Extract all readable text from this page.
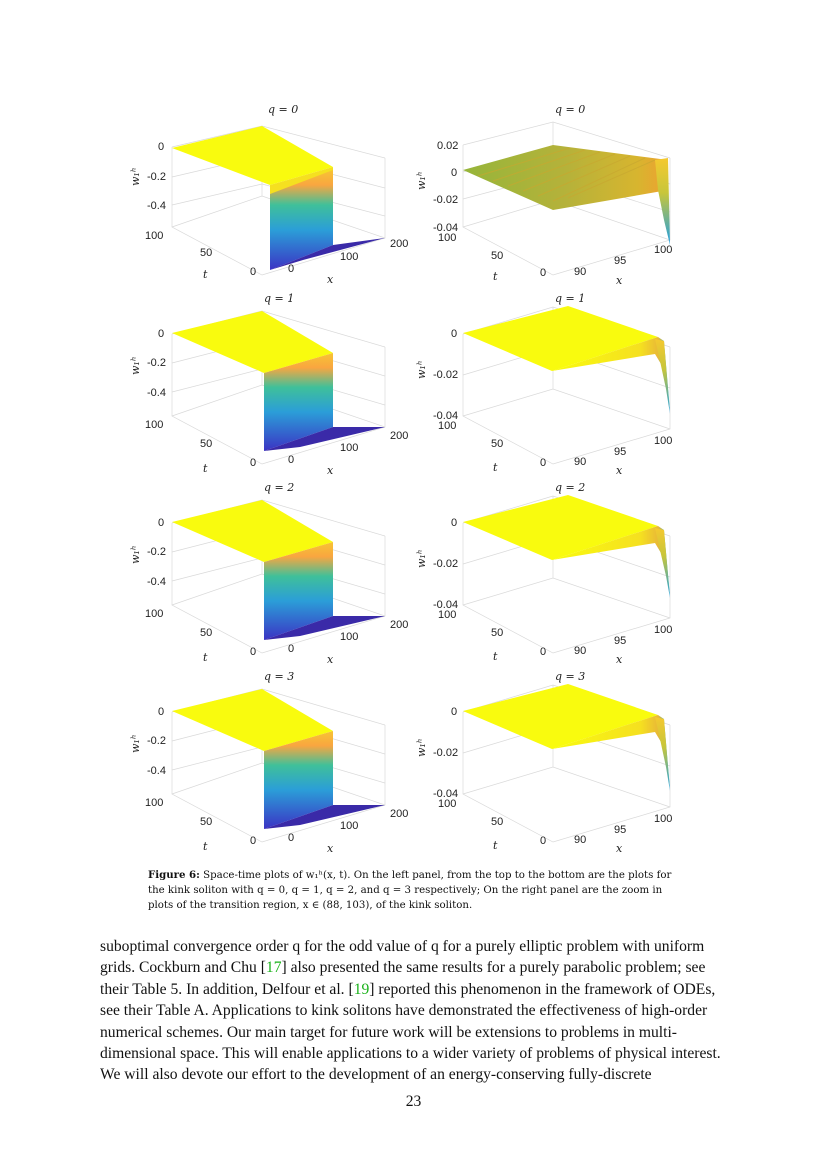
q = 0
0
-0.2
-0.4
w₁ʰ
100
50
0
t	0
100
200
x
q = 0
0.02
0
-0.02
-0.04
w₁ʰ
100
50
0
t	90
95
100
x
q = 1
0
-0.2
-0.4
w₁ʰ
100
50
0
t
0
100
200
x
q = 1
0
-0.02
-0.04
w₁ʰ
100
50
0
t	90
95
100
x
q = 2
0
-0.2
-0.4
w₁ʰ
100
50
0
t
0
100
200
x
q = 2
0
-0.02
-0.04
w₁ʰ
100
50
0
t	90
95
100
x
q = 3
0
-0.2
-0.4
w₁ʰ
100
50
0
t
0
100
200
x
q = 3
0
-0.02
-0.04
w₁ʰ
100
50
0
t	90
95
100
x

Figure 6: Space-time plots of w₁ʰ(x, t). On the left panel, from the top to the bottom are the plots for the kink soliton with q = 0, q = 1, q = 2, and q = 3 respectively; On the right panel are the zoom in plots of the transition region, x ∈ (88, 103), of the kink soliton.

suboptimal convergence order q for the odd value of q for a purely elliptic problem with uniform grids. Cockburn and Chu [17] also presented the same results for a purely parabolic problem; see their Table 5. In addition, Delfour et al. [19] reported this phenomenon in the framework of ODEs, see their Table A. Applications to kink solitons have demonstrated the effectiveness of high-order numerical schemes. Our main target for future work will be extensions to problems in multi-dimensional space. This will enable applications to a wider variety of problems of physical interest. We will also devote our effort to the development of an energy-conserving fully-discrete

23
